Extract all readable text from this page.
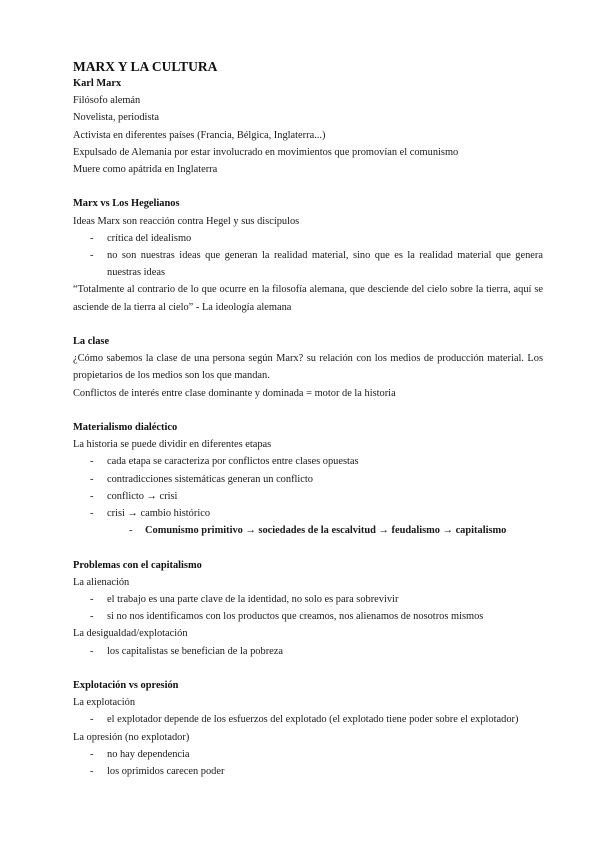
MARX Y LA CULTURA

Karl Marx

Filósofo alemán

Novelista, periodista

Activista en diferentes países (Francia, Bélgica, Inglaterra...)

Expulsado de Alemania por estar involucrado en movimientos que promovían el comunismo

Muere como apátrida en Inglaterra

Marx vs Los Hegelianos

Ideas Marx son reacción contra Hegel y sus discípulos

- crítica del idealismo

- no son nuestras ideas que generan la realidad material, sino que es la realidad material que genera nuestras ideas

“Totalmente al contrario de lo que ocurre en la filosofía alemana, que desciende del cielo sobre la tierra, aquí se asciende de la tierra al cielo” - La ideología alemana

La clase

¿Cómo sabemos la clase de una persona según Marx? su relación con los medios de producción material. Los propietarios de los medios son los que mandan.

Conflictos de interés entre clase dominante y dominada = motor de la historia

Materialismo dialéctico

La historia se puede dividir en diferentes etapas

- cada etapa se caracteriza por conflictos entre clases opuestas

- contradicciones sistemáticas generan un conflicto

- conflicto → crisi

- crisi → cambio histórico

- Comunismo primitivo → sociedades de la escalvitud → feudalismo → capitalismo

Problemas con el capitalismo

La alienación

- el trabajo es una parte clave de la identidad, no solo es para sobrevivir

- si no nos identificamos con los productos que creamos, nos alienamos de nosotros mismos

La desigualdad/explotación

- los capitalistas se benefician de la pobreza

Explotación vs opresión

La explotación

- el explotador depende de los esfuerzos del explotado (el explotado tiene poder sobre el explotador)

La opresión (no explotador)

- no hay dependencia

- los oprimidos carecen poder
